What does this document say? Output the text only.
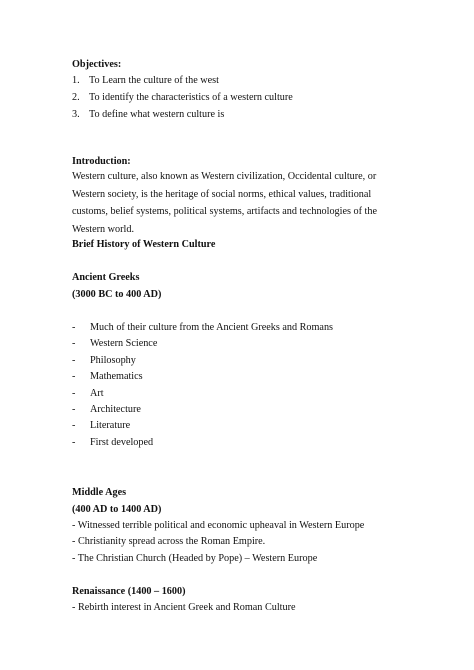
Objectives:
1. To Learn the culture of the west
2. To identify the characteristics of a western culture
3. To define what western culture is
Introduction:
Western culture, also known as Western civilization, Occidental culture, or Western society, is the heritage of social norms, ethical values, traditional customs, belief systems, political systems, artifacts and technologies of the Western world.
Brief History of Western Culture
Ancient Greeks
(3000 BC to 400 AD)
- Much of their culture from the Ancient Greeks and Romans
- Western Science
- Philosophy
- Mathematics
- Art
- Architecture
- Literature
- First developed
Middle Ages
(400 AD to 1400 AD)
- Witnessed terrible political and economic upheaval in Western Europe
- Christianity spread across the Roman Empire.
- The Christian Church (Headed by Pope) – Western Europe
Renaissance (1400 – 1600)
- Rebirth interest in Ancient Greek and Roman Culture
